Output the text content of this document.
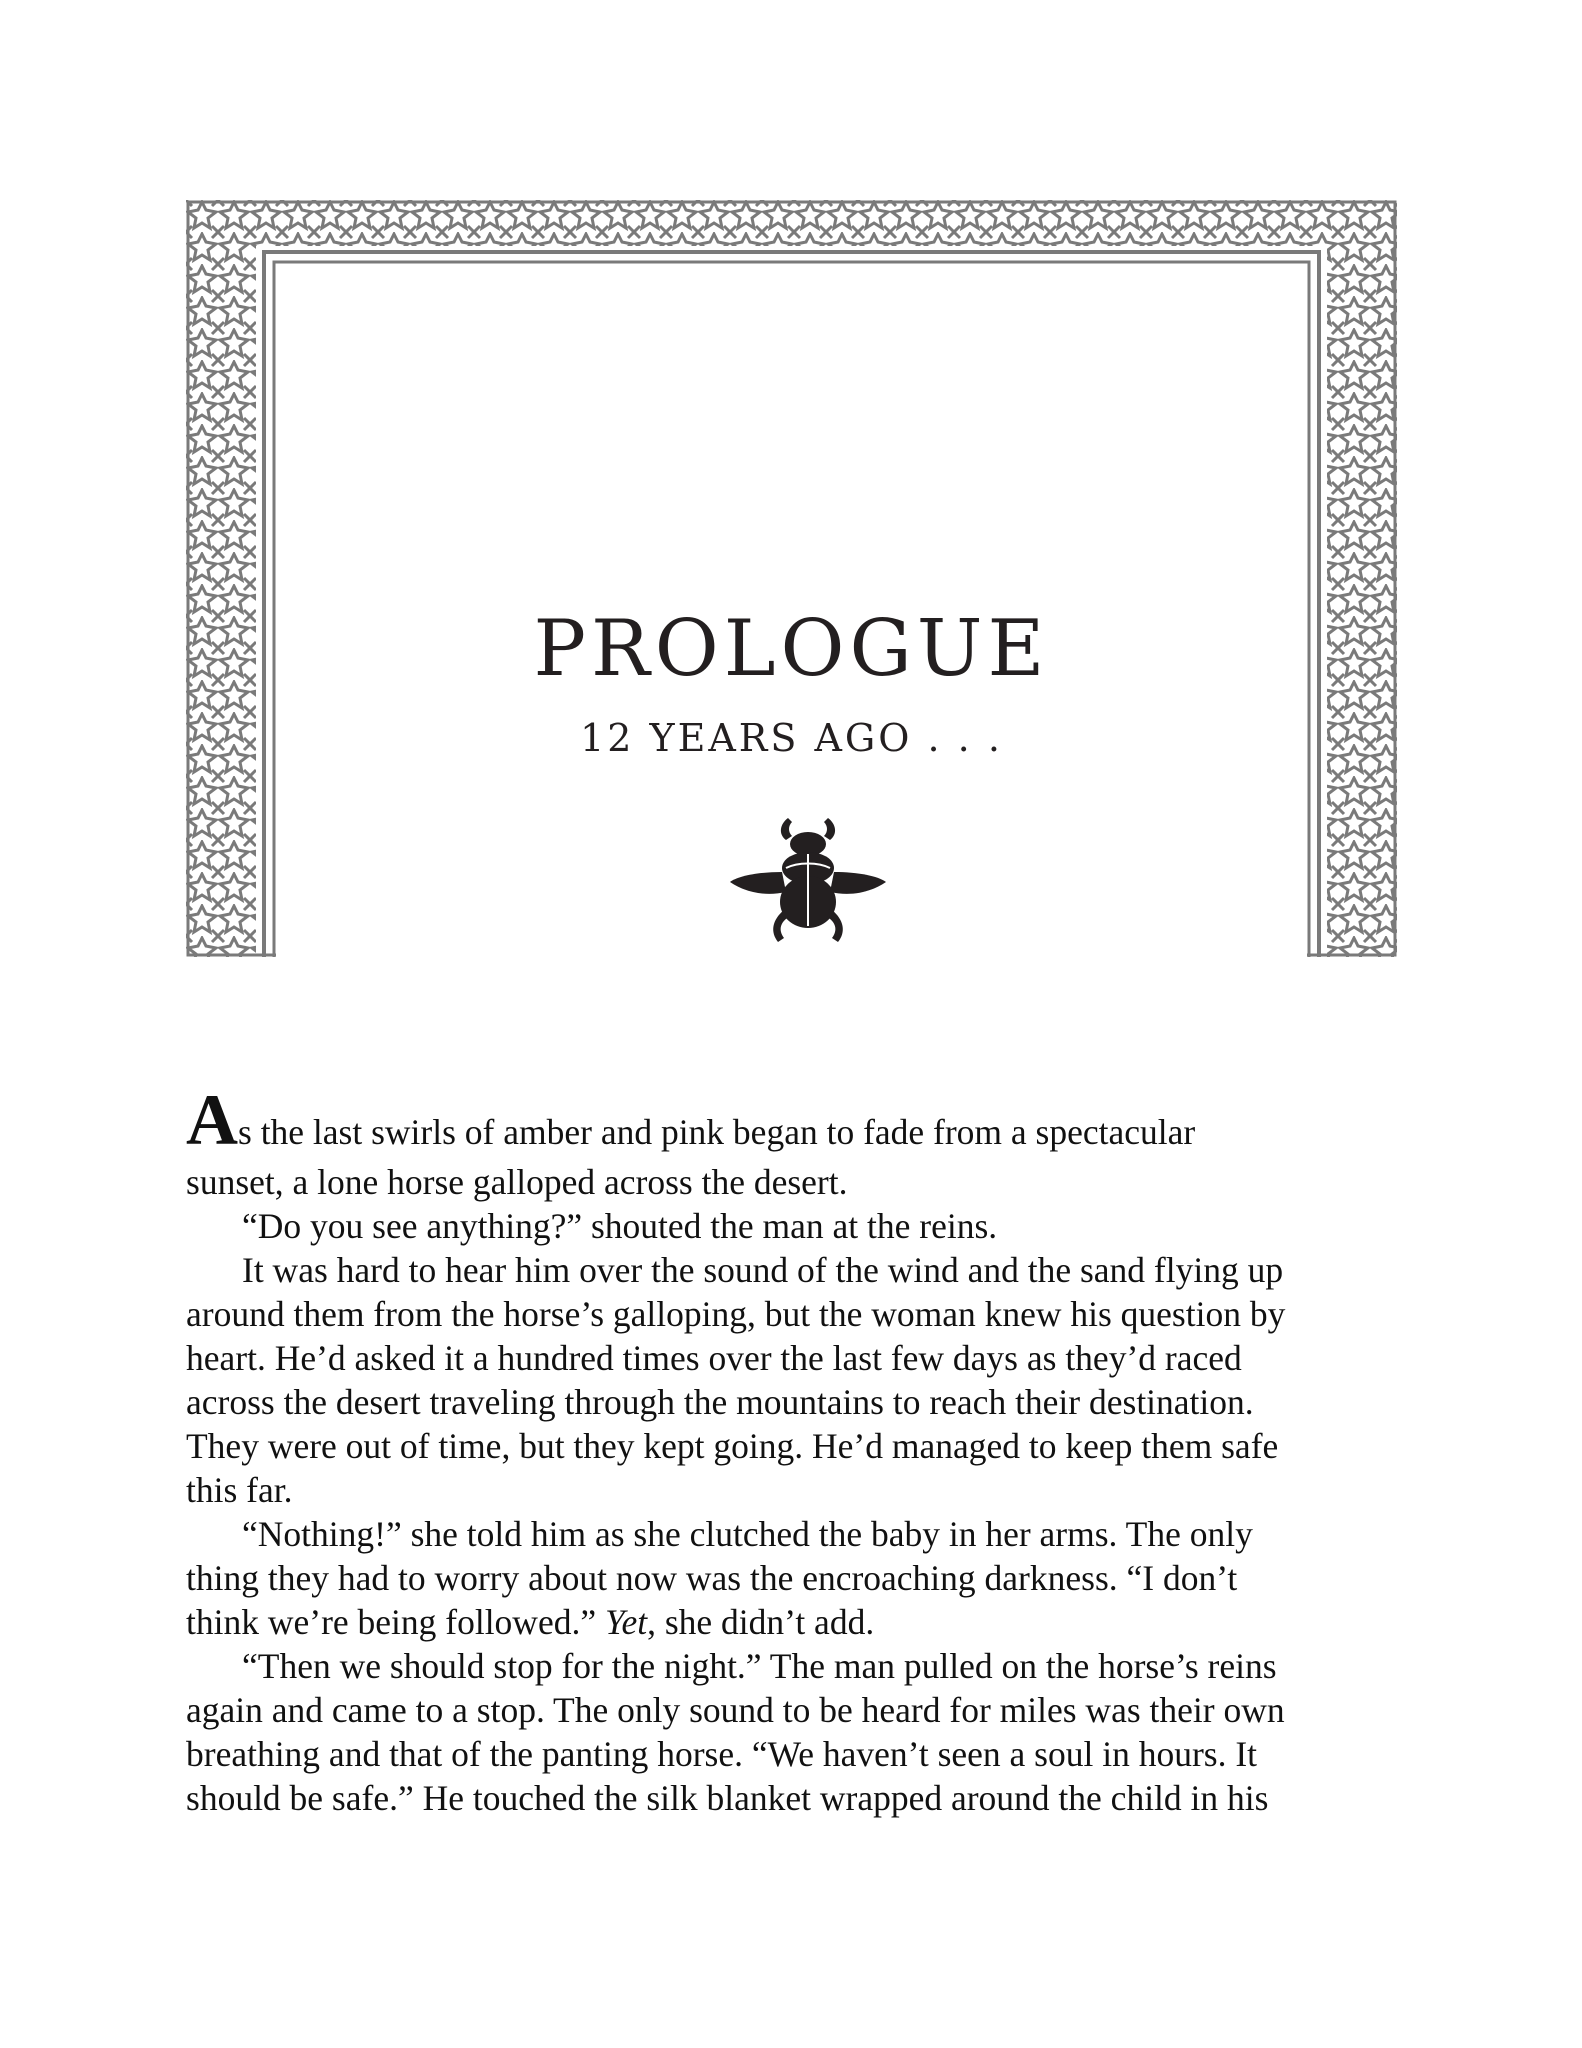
PROLOGUE
12 YEARS AGO . . .
As the last swirls of amber and pink began to fade from a spectacular
sunset, a lone horse galloped across the desert.
“Do you see anything?” shouted the man at the reins.
It was hard to hear him over the sound of the wind and the sand flying up
around them from the horse’s galloping, but the woman knew his question by
heart. He’d asked it a hundred times over the last few days as they’d raced
across the desert traveling through the mountains to reach their destination.
They were out of time, but they kept going. He’d managed to keep them safe
this far.
“Nothing!” she told him as she clutched the baby in her arms. The only
thing they had to worry about now was the encroaching darkness. “I don’t
think we’re being followed.” Yet, she didn’t add.
“Then we should stop for the night.” The man pulled on the horse’s reins
again and came to a stop. The only sound to be heard for miles was their own
breathing and that of the panting horse. “We haven’t seen a soul in hours. It
should be safe.” He touched the silk blanket wrapped around the child in his
